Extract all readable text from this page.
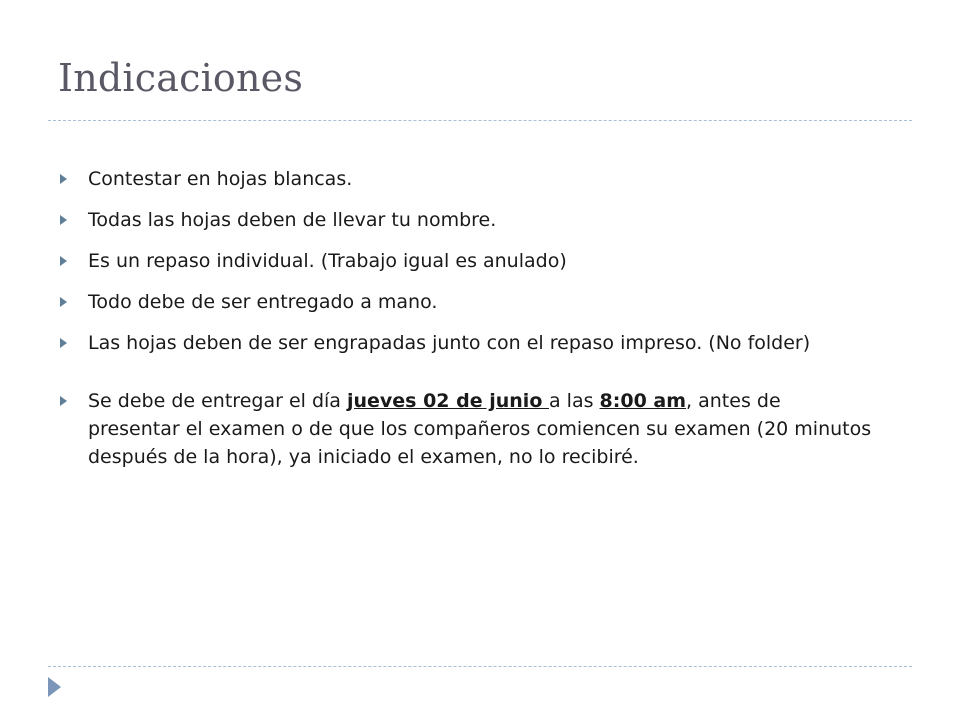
Indicaciones
Contestar en hojas blancas.
Todas las hojas deben de llevar tu nombre.
Es un repaso individual. (Trabajo igual es anulado)
Todo debe de ser entregado a mano.
Las hojas deben de ser engrapadas junto con el repaso impreso. (No folder)
Se debe de entregar el día jueves 02 de junio a las 8:00 am, antes de presentar el examen o de que los compañeros comiencen su examen (20 minutos después de la hora), ya iniciado el examen, no lo recibiré.
